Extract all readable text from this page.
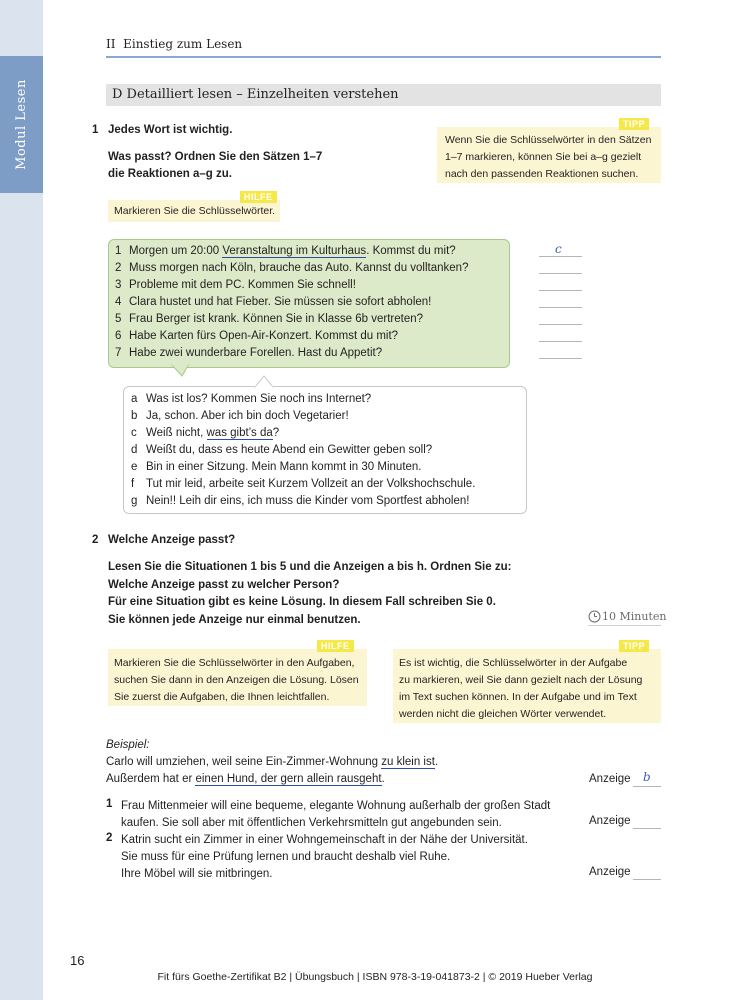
Modul Lesen
II  Einstieg zum Lesen
D Detailliert lesen – Einzelheiten verstehen
1 Jedes Wort ist wichtig.
Was passt? Ordnen Sie den Sätzen 1–7
die Reaktionen a–g zu.
TIPP
Wenn Sie die Schlüsselwörter in den Sätzen
1–7 markieren, können Sie bei a–g gezielt
nach den passenden Reaktionen suchen.
HILFE
Markieren Sie die Schlüsselwörter.
1 Morgen um 20:00 Veranstaltung im Kulturhaus. Kommst du mit?
2 Muss morgen nach Köln, brauche das Auto. Kannst du volltanken?
3 Probleme mit dem PC. Kommen Sie schnell!
4 Clara hustet und hat Fieber. Sie müssen sie sofort abholen!
5 Frau Berger ist krank. Können Sie in Klasse 6b vertreten?
6 Habe Karten fürs Open-Air-Konzert. Kommst du mit?
7 Habe zwei wunderbare Forellen. Hast du Appetit?
c
a Was ist los? Kommen Sie noch ins Internet?
b Ja, schon. Aber ich bin doch Vegetarier!
c Weiß nicht, was gibt’s da?
d Weißt du, dass es heute Abend ein Gewitter geben soll?
e Bin in einer Sitzung. Mein Mann kommt in 30 Minuten.
f Tut mir leid, arbeite seit Kurzem Vollzeit an der Volkshochschule.
g Nein!! Leih dir eins, ich muss die Kinder vom Sportfest abholen!
2 Welche Anzeige passt?
Lesen Sie die Situationen 1 bis 5 und die Anzeigen a bis h. Ordnen Sie zu:
Welche Anzeige passt zu welcher Person?
Für eine Situation gibt es keine Lösung. In diesem Fall schreiben Sie 0.
Sie können jede Anzeige nur einmal benutzen.	10 Minuten
HILFE
Markieren Sie die Schlüsselwörter in den Aufgaben,
suchen Sie dann in den Anzeigen die Lösung. Lösen
Sie zuerst die Aufgaben, die Ihnen leichtfallen.
TIPP
Es ist wichtig, die Schlüsselwörter in der Aufgabe
zu markieren, weil Sie dann gezielt nach der Lösung
im Text suchen können. In der Aufgabe und im Text
werden nicht die gleichen Wörter verwendet.
Beispiel:
Carlo will umziehen, weil seine Ein-Zimmer-Wohnung zu klein ist.
Außerdem hat er einen Hund, der gern allein rausgeht.	Anzeige b
1 Frau Mittenmeier will eine bequeme, elegante Wohnung außerhalb der großen Stadt
kaufen. Sie soll aber mit öffentlichen Verkehrsmitteln gut angebunden sein.	Anzeige
2 Katrin sucht ein Zimmer in einer Wohngemeinschaft in der Nähe der Universität.
Sie muss für eine Prüfung lernen und braucht deshalb viel Ruhe.
Ihre Möbel will sie mitbringen.	Anzeige
16
Fit fürs Goethe-Zertifikat B2 | Übungsbuch | ISBN 978-3-19-041873-2 | © 2019 Hueber Verlag
